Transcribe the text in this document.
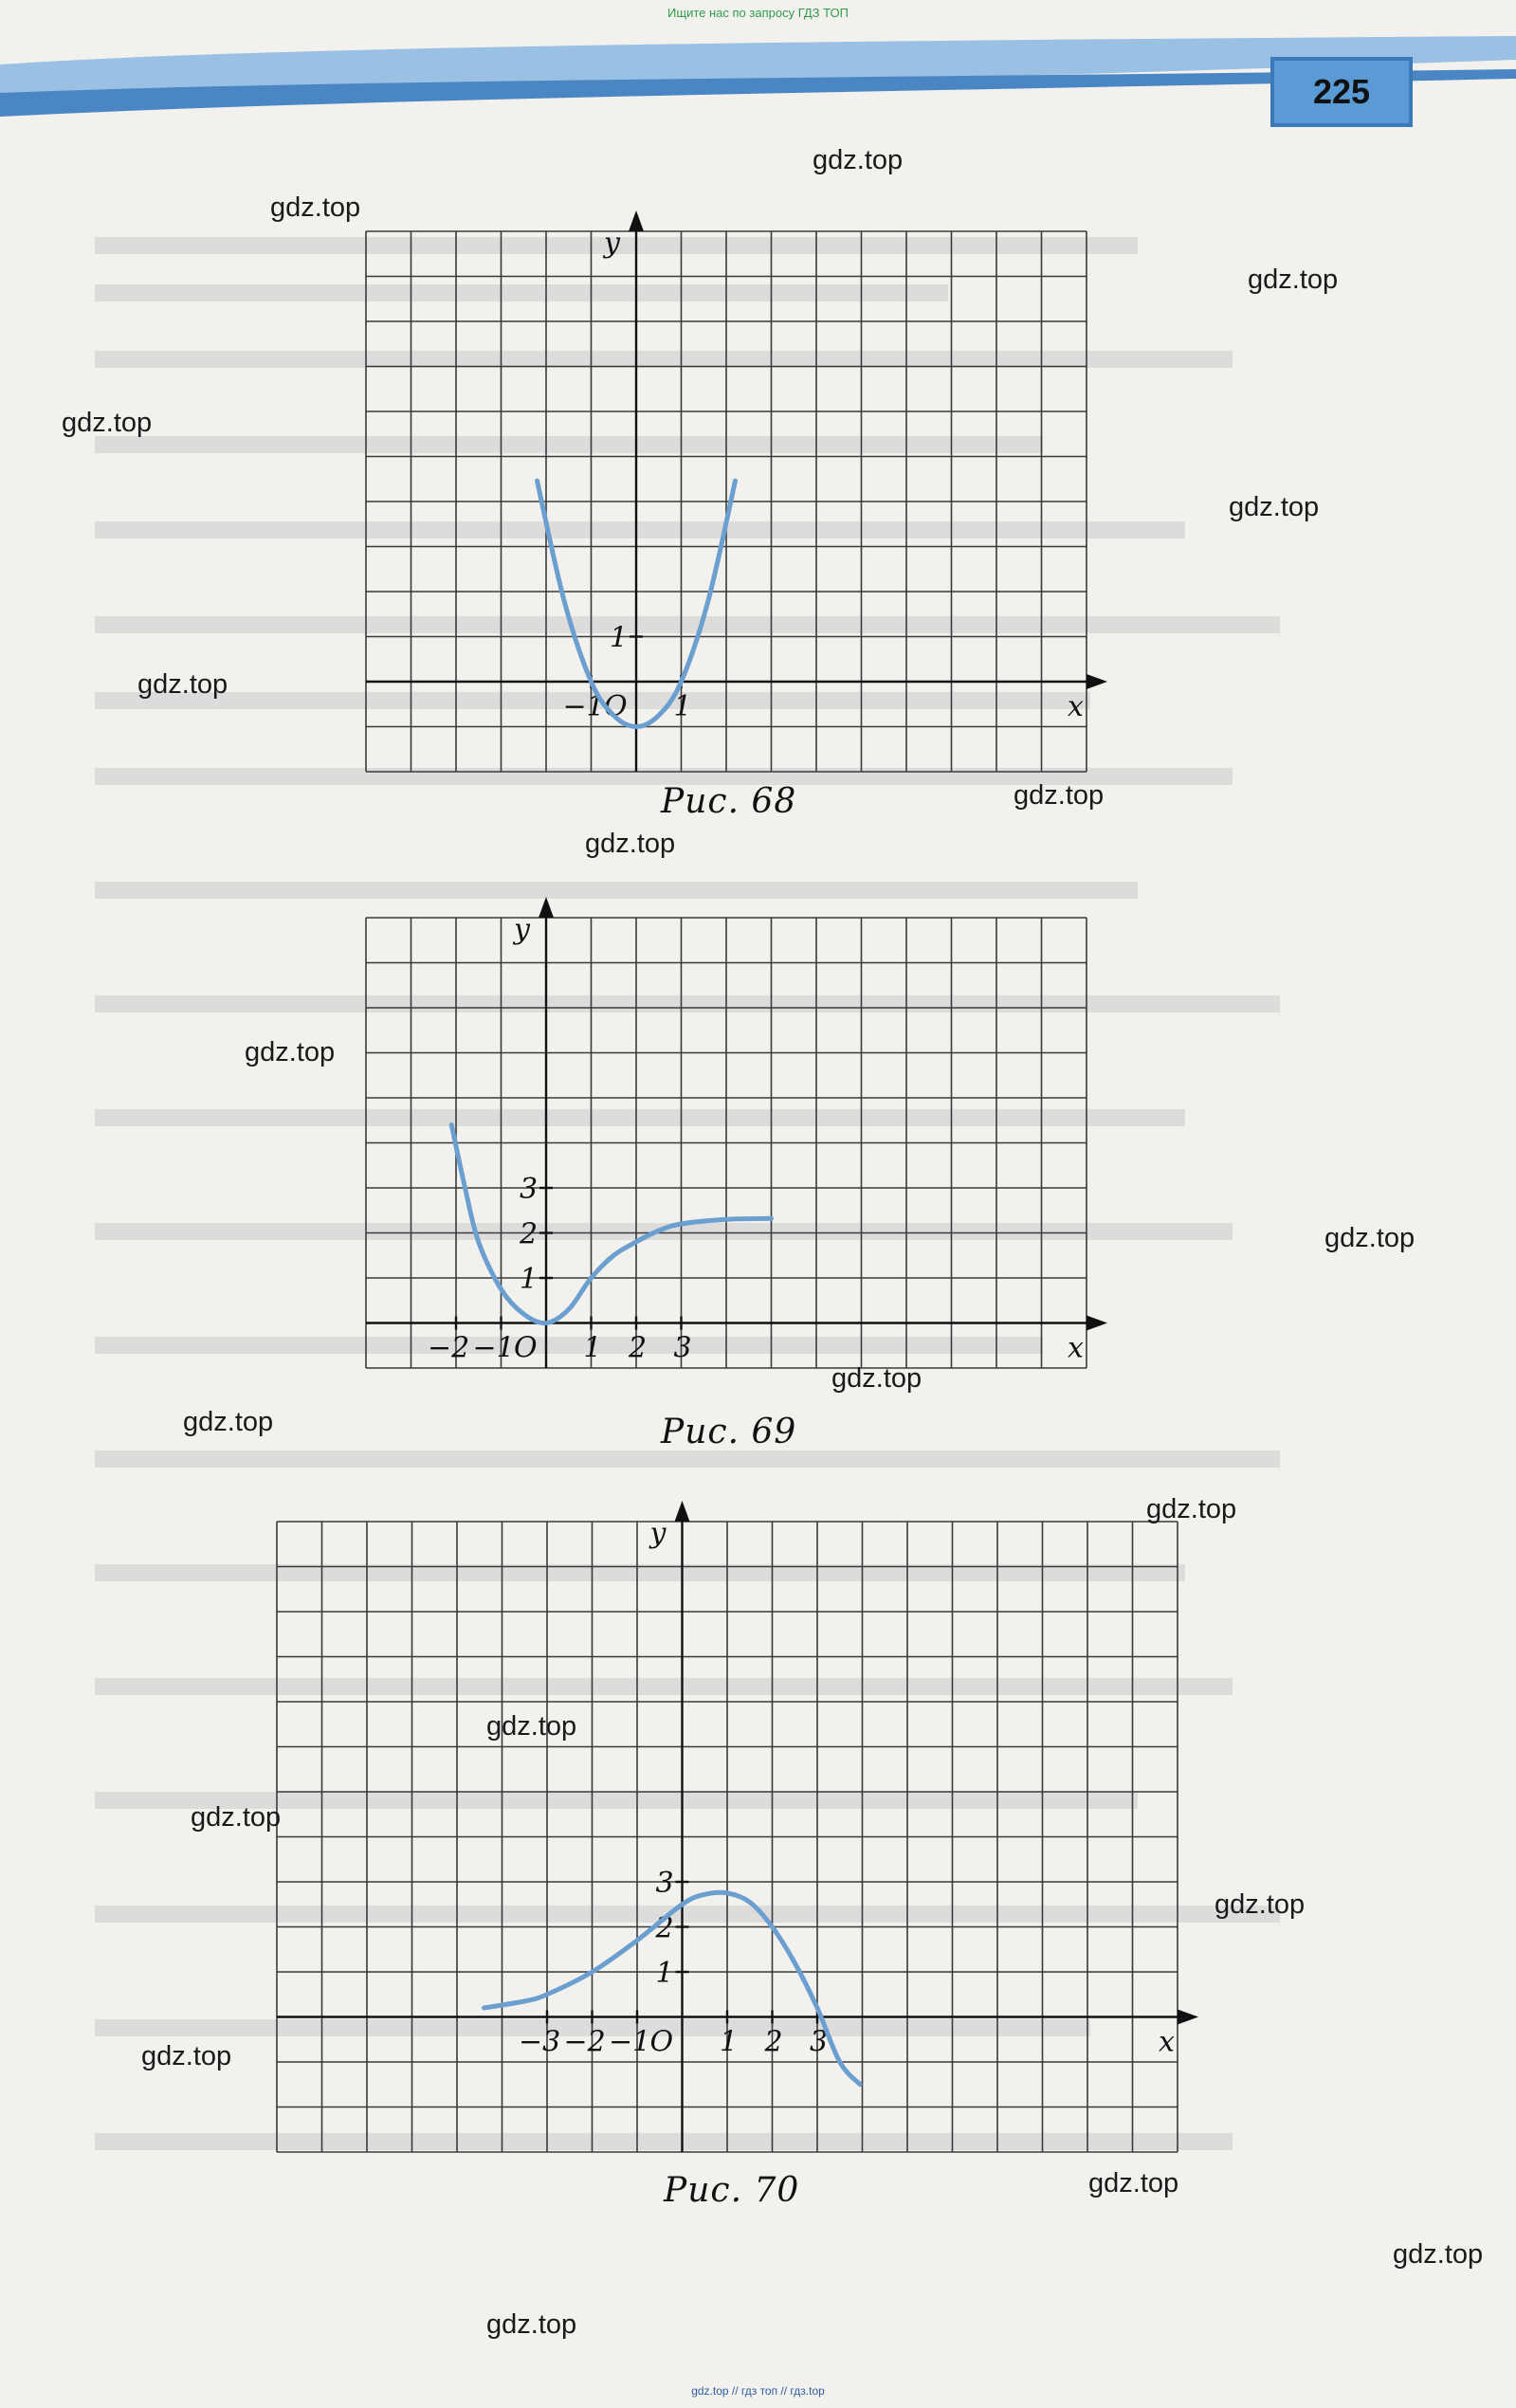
Ищите нас по запросу ГДЗ ТОП
225
x
y
O
−1 1
1
Рис. 68
x
y
O
−2 −1 1 2 3
1
2
3
Рис. 69
x
y
O
−3 −2 −1 1 2 3
1
2
3
Рис. 70
gdz.top
gdz.top
gdz.top
gdz.top
gdz.top
gdz.top
gdz.top
gdz.top
gdz.top
gdz.top
gdz.top
gdz.top
gdz.top
gdz.top
gdz.top
gdz.top
gdz.top
gdz.top
gdz.top
gdz.top
gdz.top // гдз топ // гдз.top
